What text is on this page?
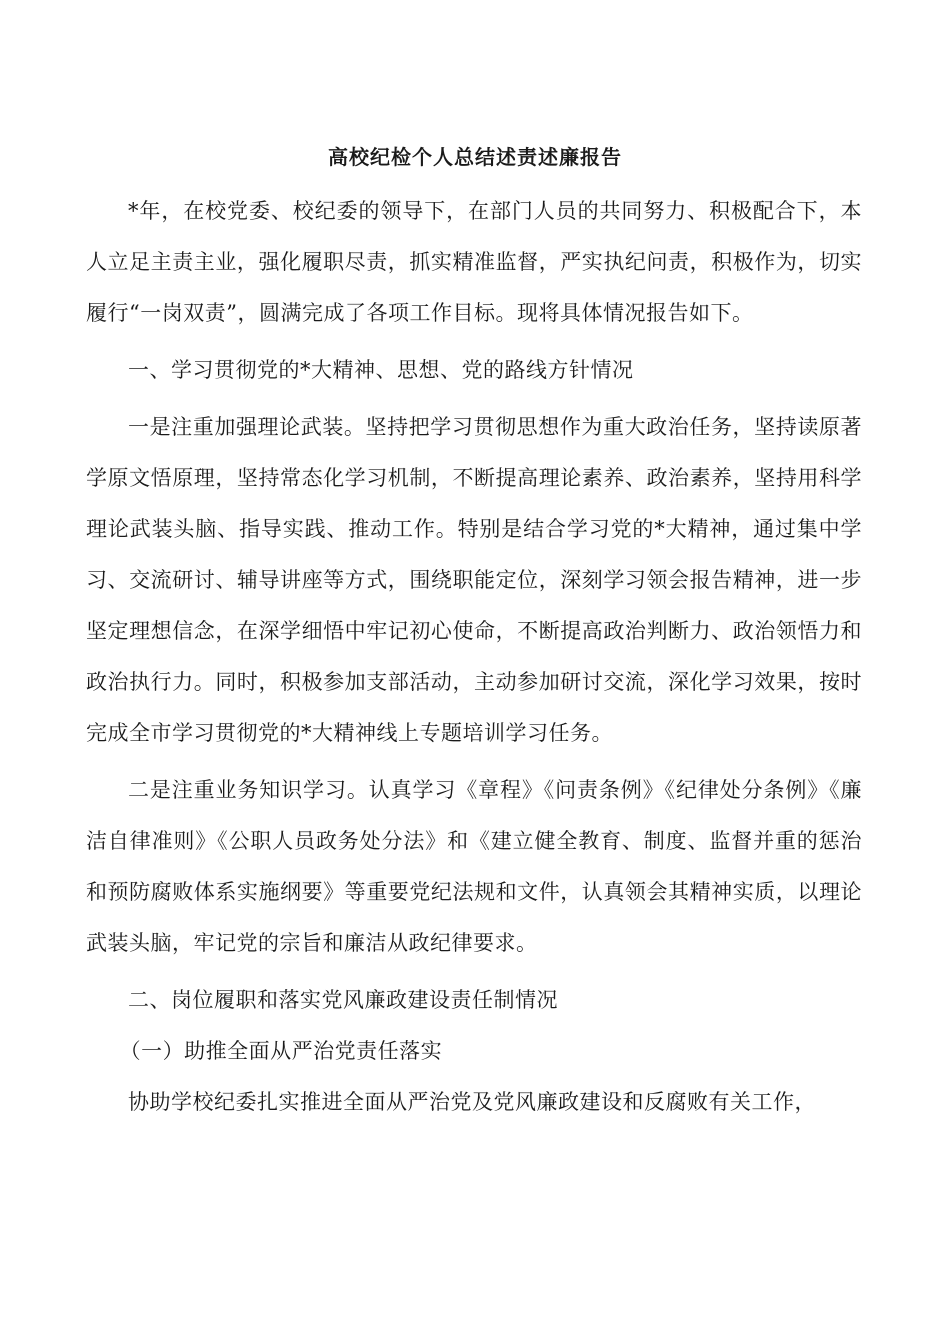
高校纪检个人总结述责述廉报告

*年，在校党委、校纪委的领导下，在部门人员的共同努力、积极配合下，本人立足主责主业，强化履职尽责，抓实精准监督，严实执纪问责，积极作为，切实履行“一岗双责”，圆满完成了各项工作目标。现将具体情况报告如下。

一、学习贯彻党的*大精神、思想、党的路线方针情况

一是注重加强理论武装。坚持把学习贯彻思想作为重大政治任务，坚持读原著学原文悟原理，坚持常态化学习机制，不断提高理论素养、政治素养，坚持用科学理论武装头脑、指导实践、推动工作。特别是结合学习党的*大精神，通过集中学习、交流研讨、辅导讲座等方式，围绕职能定位，深刻学习领会报告精神，进一步坚定理想信念，在深学细悟中牢记初心使命，不断提高政治判断力、政治领悟力和政治执行力。同时，积极参加支部活动，主动参加研讨交流，深化学习效果，按时完成全市学习贯彻党的*大精神线上专题培训学习任务。

二是注重业务知识学习。认真学习《章程》《问责条例》《纪律处分条例》《廉洁自律准则》《公职人员政务处分法》和《建立健全教育、制度、监督并重的惩治和预防腐败体系实施纲要》等重要党纪法规和文件，认真领会其精神实质，以理论武装头脑，牢记党的宗旨和廉洁从政纪律要求。

二、岗位履职和落实党风廉政建设责任制情况

（一）助推全面从严治党责任落实

协助学校纪委扎实推进全面从严治党及党风廉政建设和反腐败有关工作，
